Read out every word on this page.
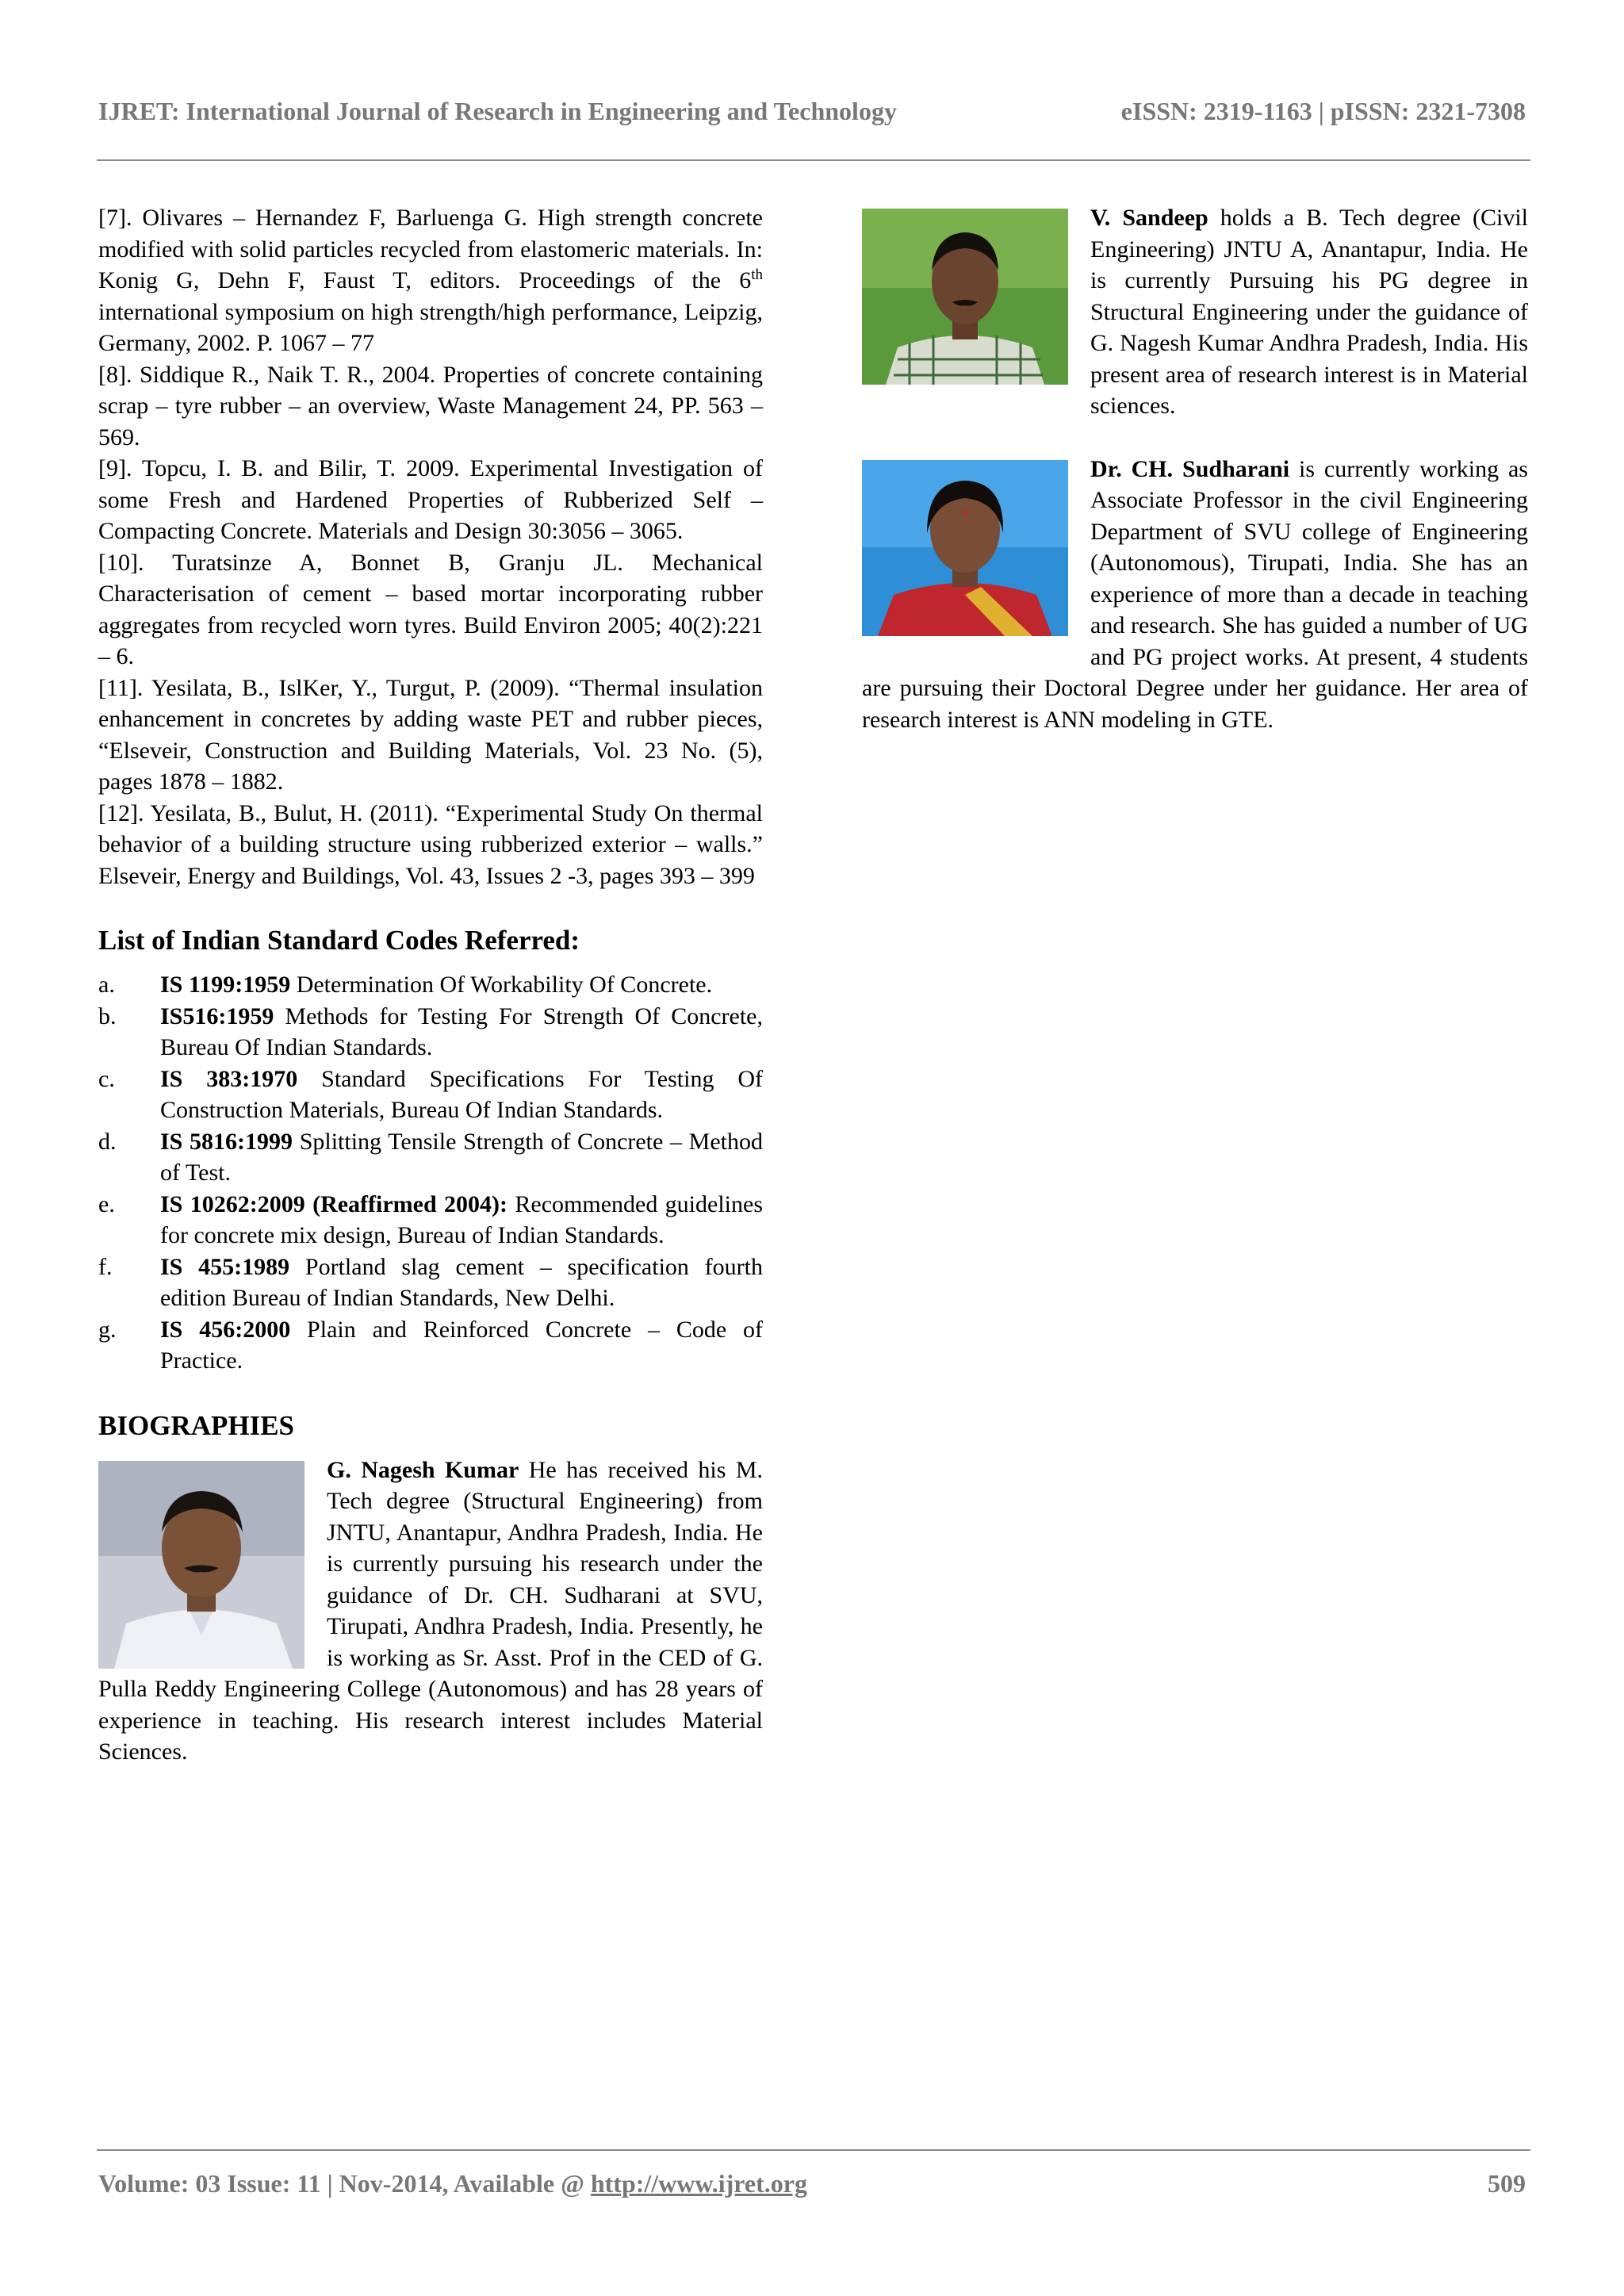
IJRET: International Journal of Research in Engineering and Technology	eISSN: 2319-1163 | pISSN: 2321-7308

[7]. Olivares – Hernandez F, Barluenga G. High strength concrete modified with solid particles recycled from elastomeric materials. In: Konig G, Dehn F, Faust T, editors. Proceedings of the 6th international symposium on high strength/high performance, Leipzig, Germany, 2002. P. 1067 – 77

[8]. Siddique R., Naik T. R., 2004. Properties of concrete containing scrap – tyre rubber – an overview, Waste Management 24, PP. 563 – 569.

[9]. Topcu, I. B. and Bilir, T. 2009. Experimental Investigation of some Fresh and Hardened Properties of Rubberized Self – Compacting Concrete. Materials and Design 30:3056 – 3065.

[10]. Turatsinze A, Bonnet B, Granju JL. Mechanical Characterisation of cement – based mortar incorporating rubber aggregates from recycled worn tyres. Build Environ 2005; 40(2):221 – 6.

[11]. Yesilata, B., IslKer, Y., Turgut, P. (2009). “Thermal insulation enhancement in concretes by adding waste PET and rubber pieces, “Elseveir, Construction and Building Materials, Vol. 23 No. (5), pages 1878 – 1882.

[12]. Yesilata, B., Bulut, H. (2011). “Experimental Study On thermal behavior of a building structure using rubberized exterior – walls.” Elseveir, Energy and Buildings, Vol. 43, Issues 2 -3, pages 393 – 399

List of Indian Standard Codes Referred:
a. IS 1199:1959 Determination Of Workability Of Concrete.
b. IS516:1959 Methods for Testing For Strength Of Concrete, Bureau Of Indian Standards.
c. IS 383:1970 Standard Specifications For Testing Of Construction Materials, Bureau Of Indian Standards.
d. IS 5816:1999 Splitting Tensile Strength of Concrete – Method of Test.
e. IS 10262:2009 (Reaffirmed 2004): Recommended guidelines for concrete mix design, Bureau of Indian Standards.
f. IS 455:1989 Portland slag cement – specification fourth edition Bureau of Indian Standards, New Delhi.
g. IS 456:2000 Plain and Reinforced Concrete – Code of Practice.
BIOGRAPHIES
G. Nagesh Kumar He has received his M. Tech degree (Structural Engineering) from JNTU, Anantapur, Andhra Pradesh, India. He is currently pursuing his research under the guidance of Dr. CH. Sudharani at SVU, Tirupati, Andhra Pradesh, India. Presently, he is working as Sr. Asst. Prof in the CED of G. Pulla Reddy Engineering College (Autonomous) and has 28 years of experience in teaching. His research interest includes Material Sciences.
V. Sandeep holds a B. Tech degree (Civil Engineering) JNTU A, Anantapur, India. He is currently Pursuing his PG degree in Structural Engineering under the guidance of G. Nagesh Kumar Andhra Pradesh, India. His present area of research interest is in Material sciences.
Dr. CH. Sudharani is currently working as Associate Professor in the civil Engineering Department of SVU college of Engineering (Autonomous), Tirupati, India. She has an experience of more than a decade in teaching and research. She has guided a number of UG and PG project works. At present, 4 students are pursuing their Doctoral Degree under her guidance. Her area of research interest is ANN modeling in GTE.
Volume: 03 Issue: 11 | Nov-2014, Available @ http://www.ijret.org	509
